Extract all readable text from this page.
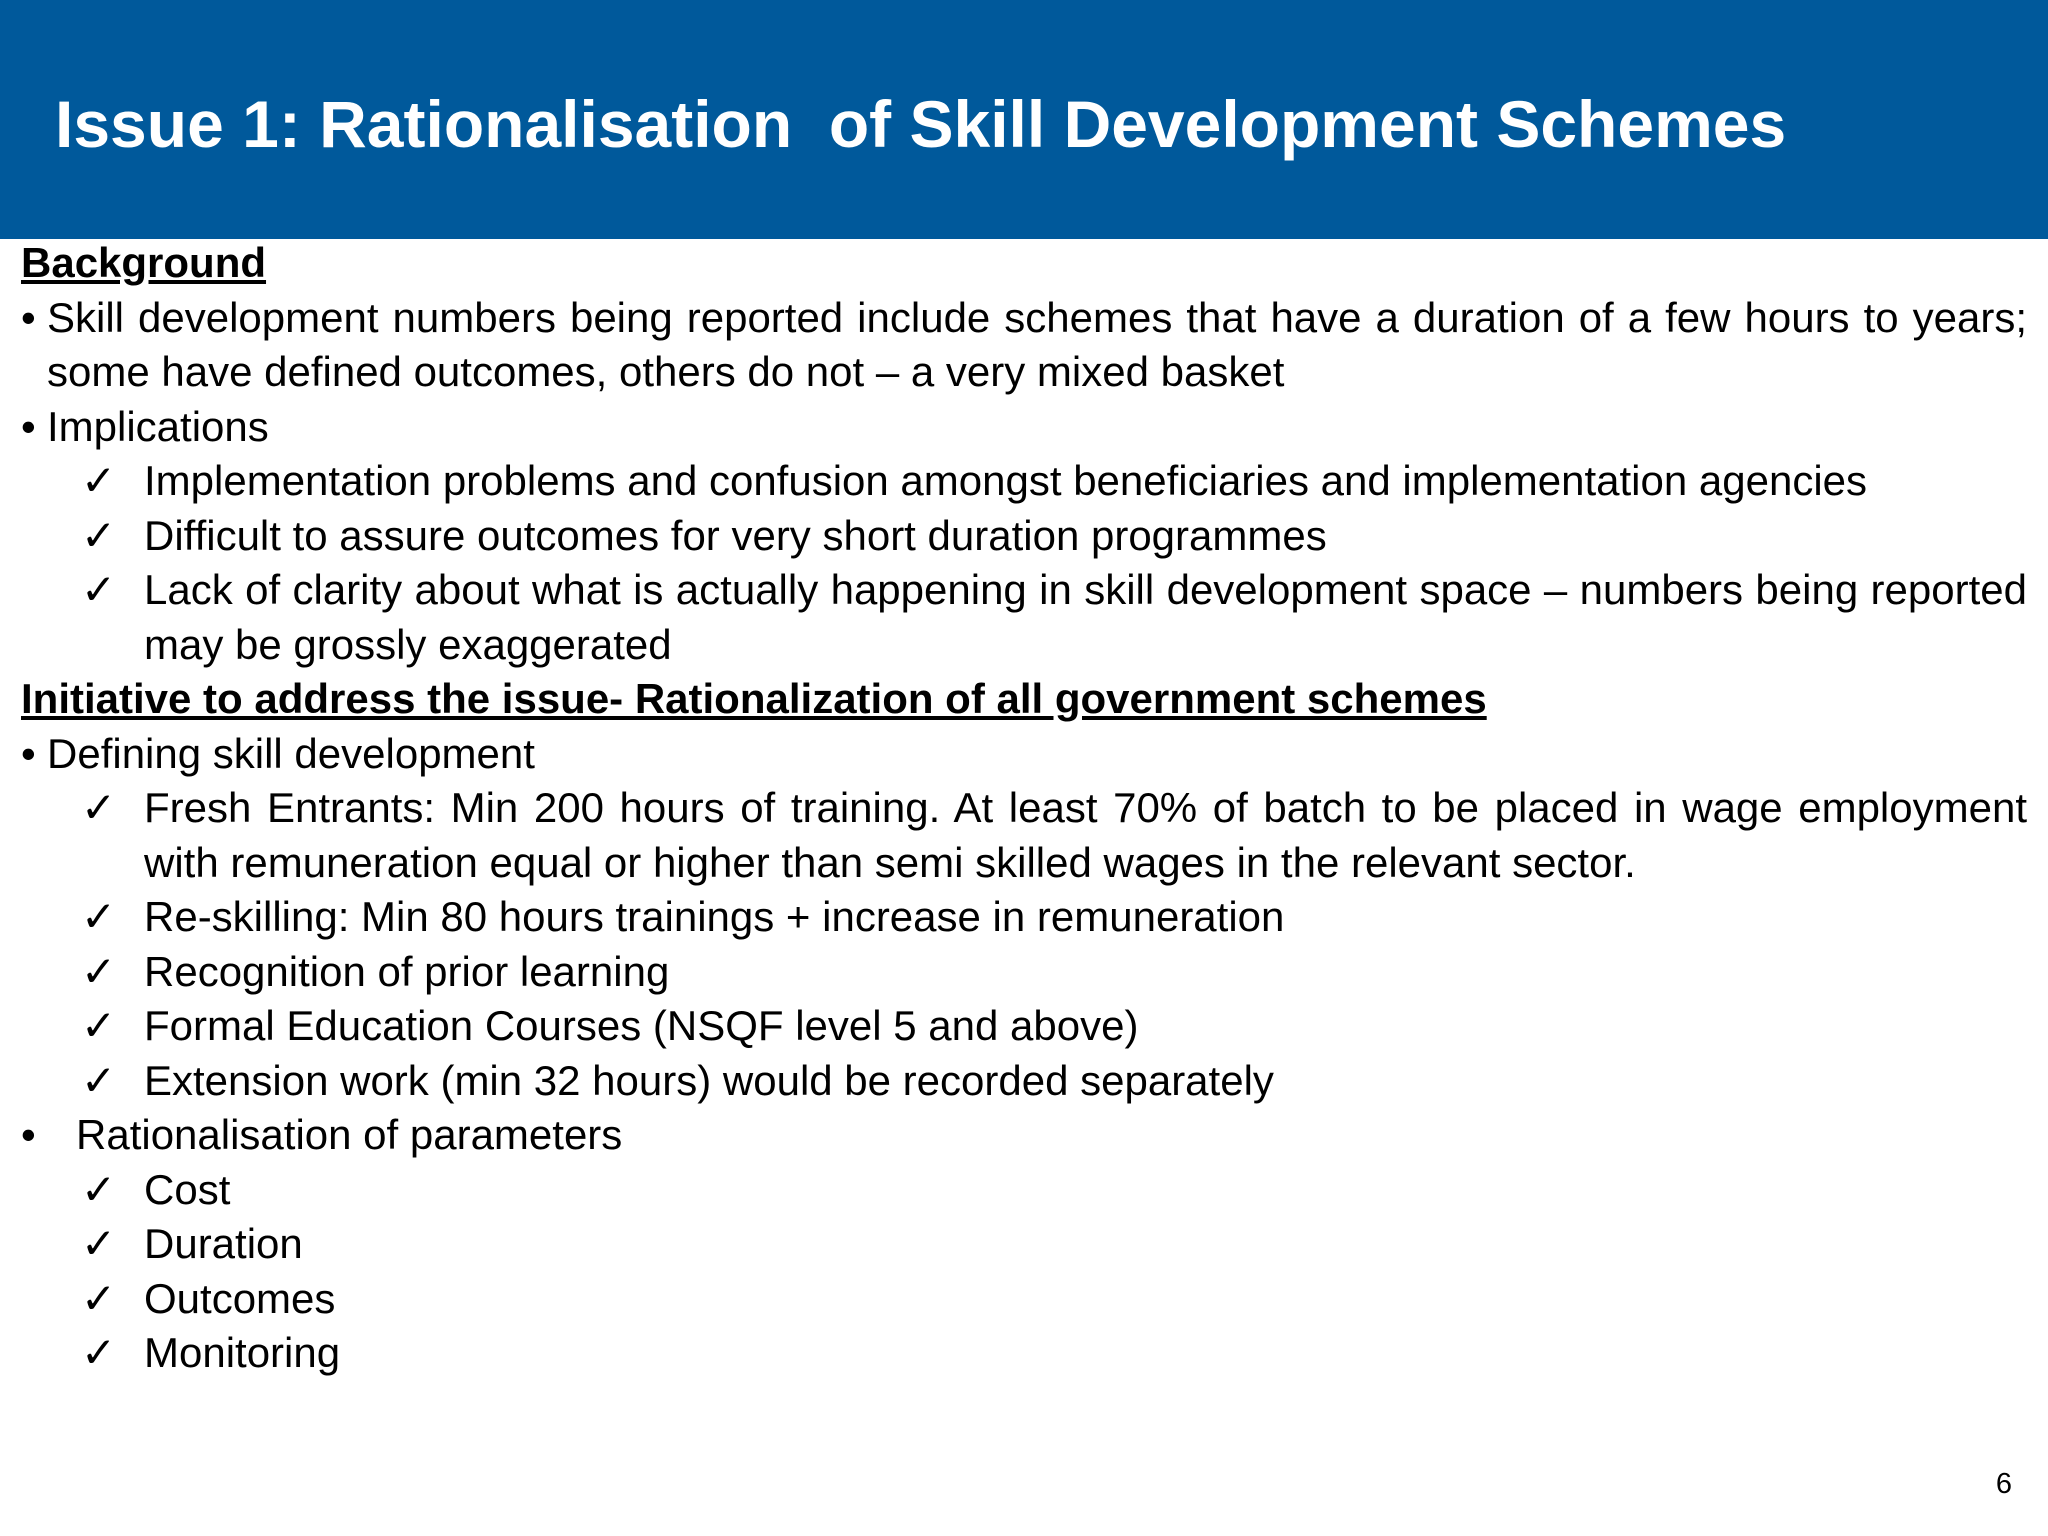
Issue 1: Rationalisation  of Skill Development Schemes
Background
• Skill development numbers being reported include schemes that have a duration of a few hours to years; some have defined outcomes, others do not – a very mixed basket
• Implications
✓ Implementation problems and confusion amongst beneficiaries and implementation agencies
✓ Difficult to assure outcomes for very short duration programmes
✓ Lack of clarity about what is actually happening in skill development space – numbers being reported may be grossly exaggerated
Initiative to address the issue- Rationalization of all government schemes
• Defining skill development
✓ Fresh Entrants: Min 200 hours of training. At least 70% of batch to be placed in wage employment with remuneration equal or higher than semi skilled wages in the relevant sector.
✓ Re-skilling: Min 80 hours trainings + increase in remuneration
✓ Recognition of prior learning
✓ Formal Education Courses (NSQF level 5 and above)
✓ Extension work (min 32 hours) would be recorded separately
• Rationalisation of parameters
✓ Cost
✓ Duration
✓ Outcomes
✓ Monitoring
6
